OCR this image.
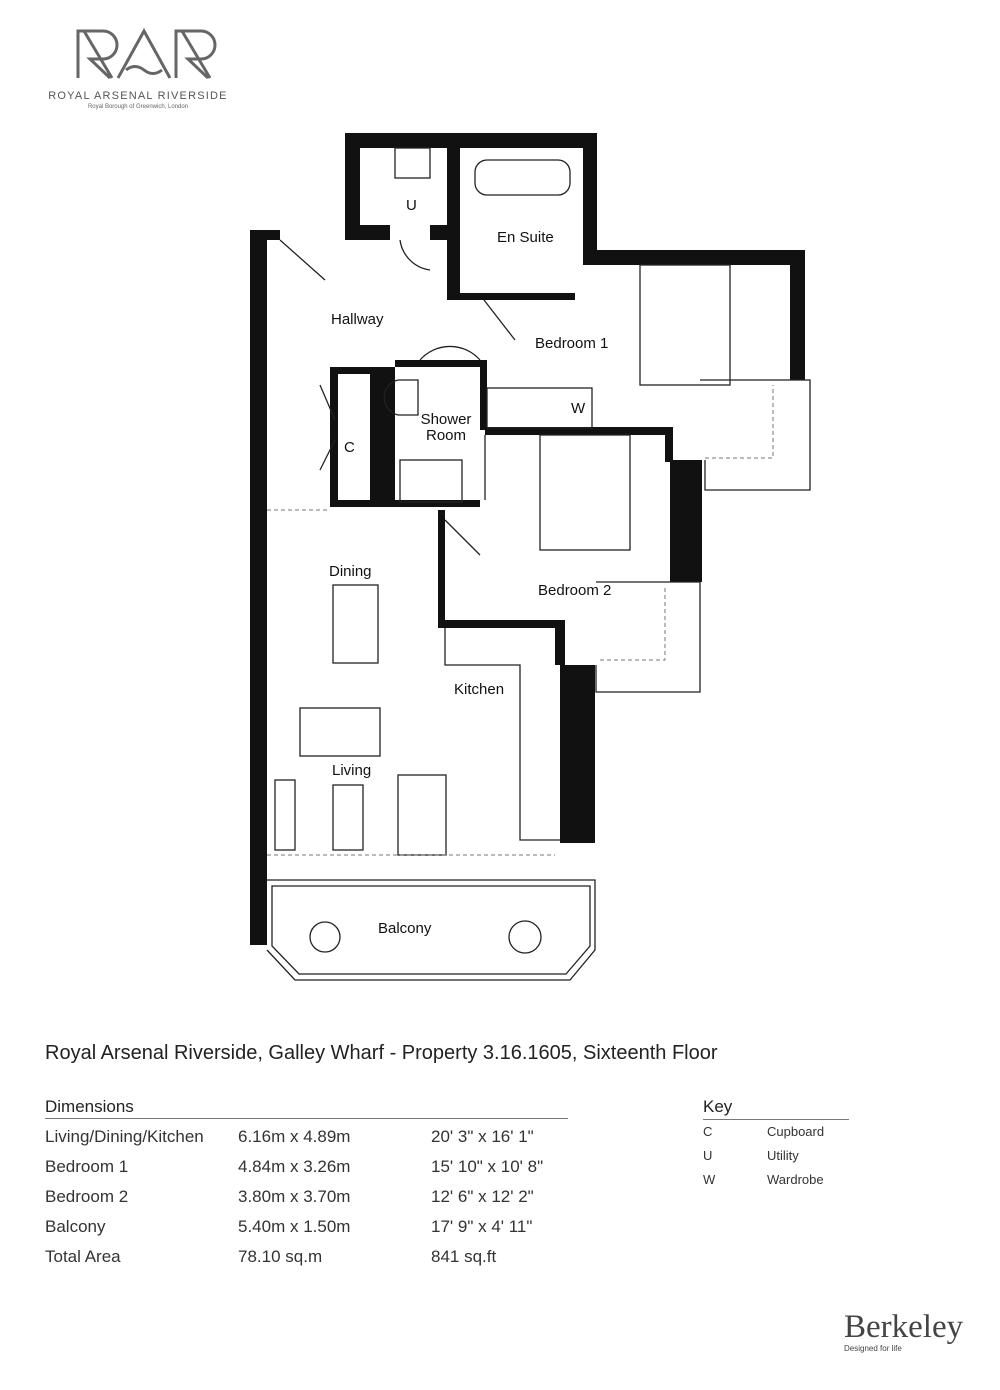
ROYAL ARSENAL RIVERSIDE
Royal Borough of Greenwich, London
U
En Suite
Hallway
Bedroom 1
W
Shower Room
C
Bedroom 2
Dining
Kitchen
Living
Balcony
Royal Arsenal Riverside, Galley Wharf - Property 3.16.1605, Sixteenth Floor
Dimensions
Living/Dining/Kitchen 6.16m x 4.89m	20' 3" x 16' 1"
Bedroom 1	4.84m x 3.26m	15' 10" x 10' 8"
Bedroom 2	3.80m x 3.70m	12' 6" x 12' 2"
Balcony	5.40m x 1.50m	17' 9" x 4' 11"
Total Area	78.10 sq.m	841 sq.ft
Key
C	Cupboard
U	Utility
W	Wardrobe
Berkeley
Designed for life
